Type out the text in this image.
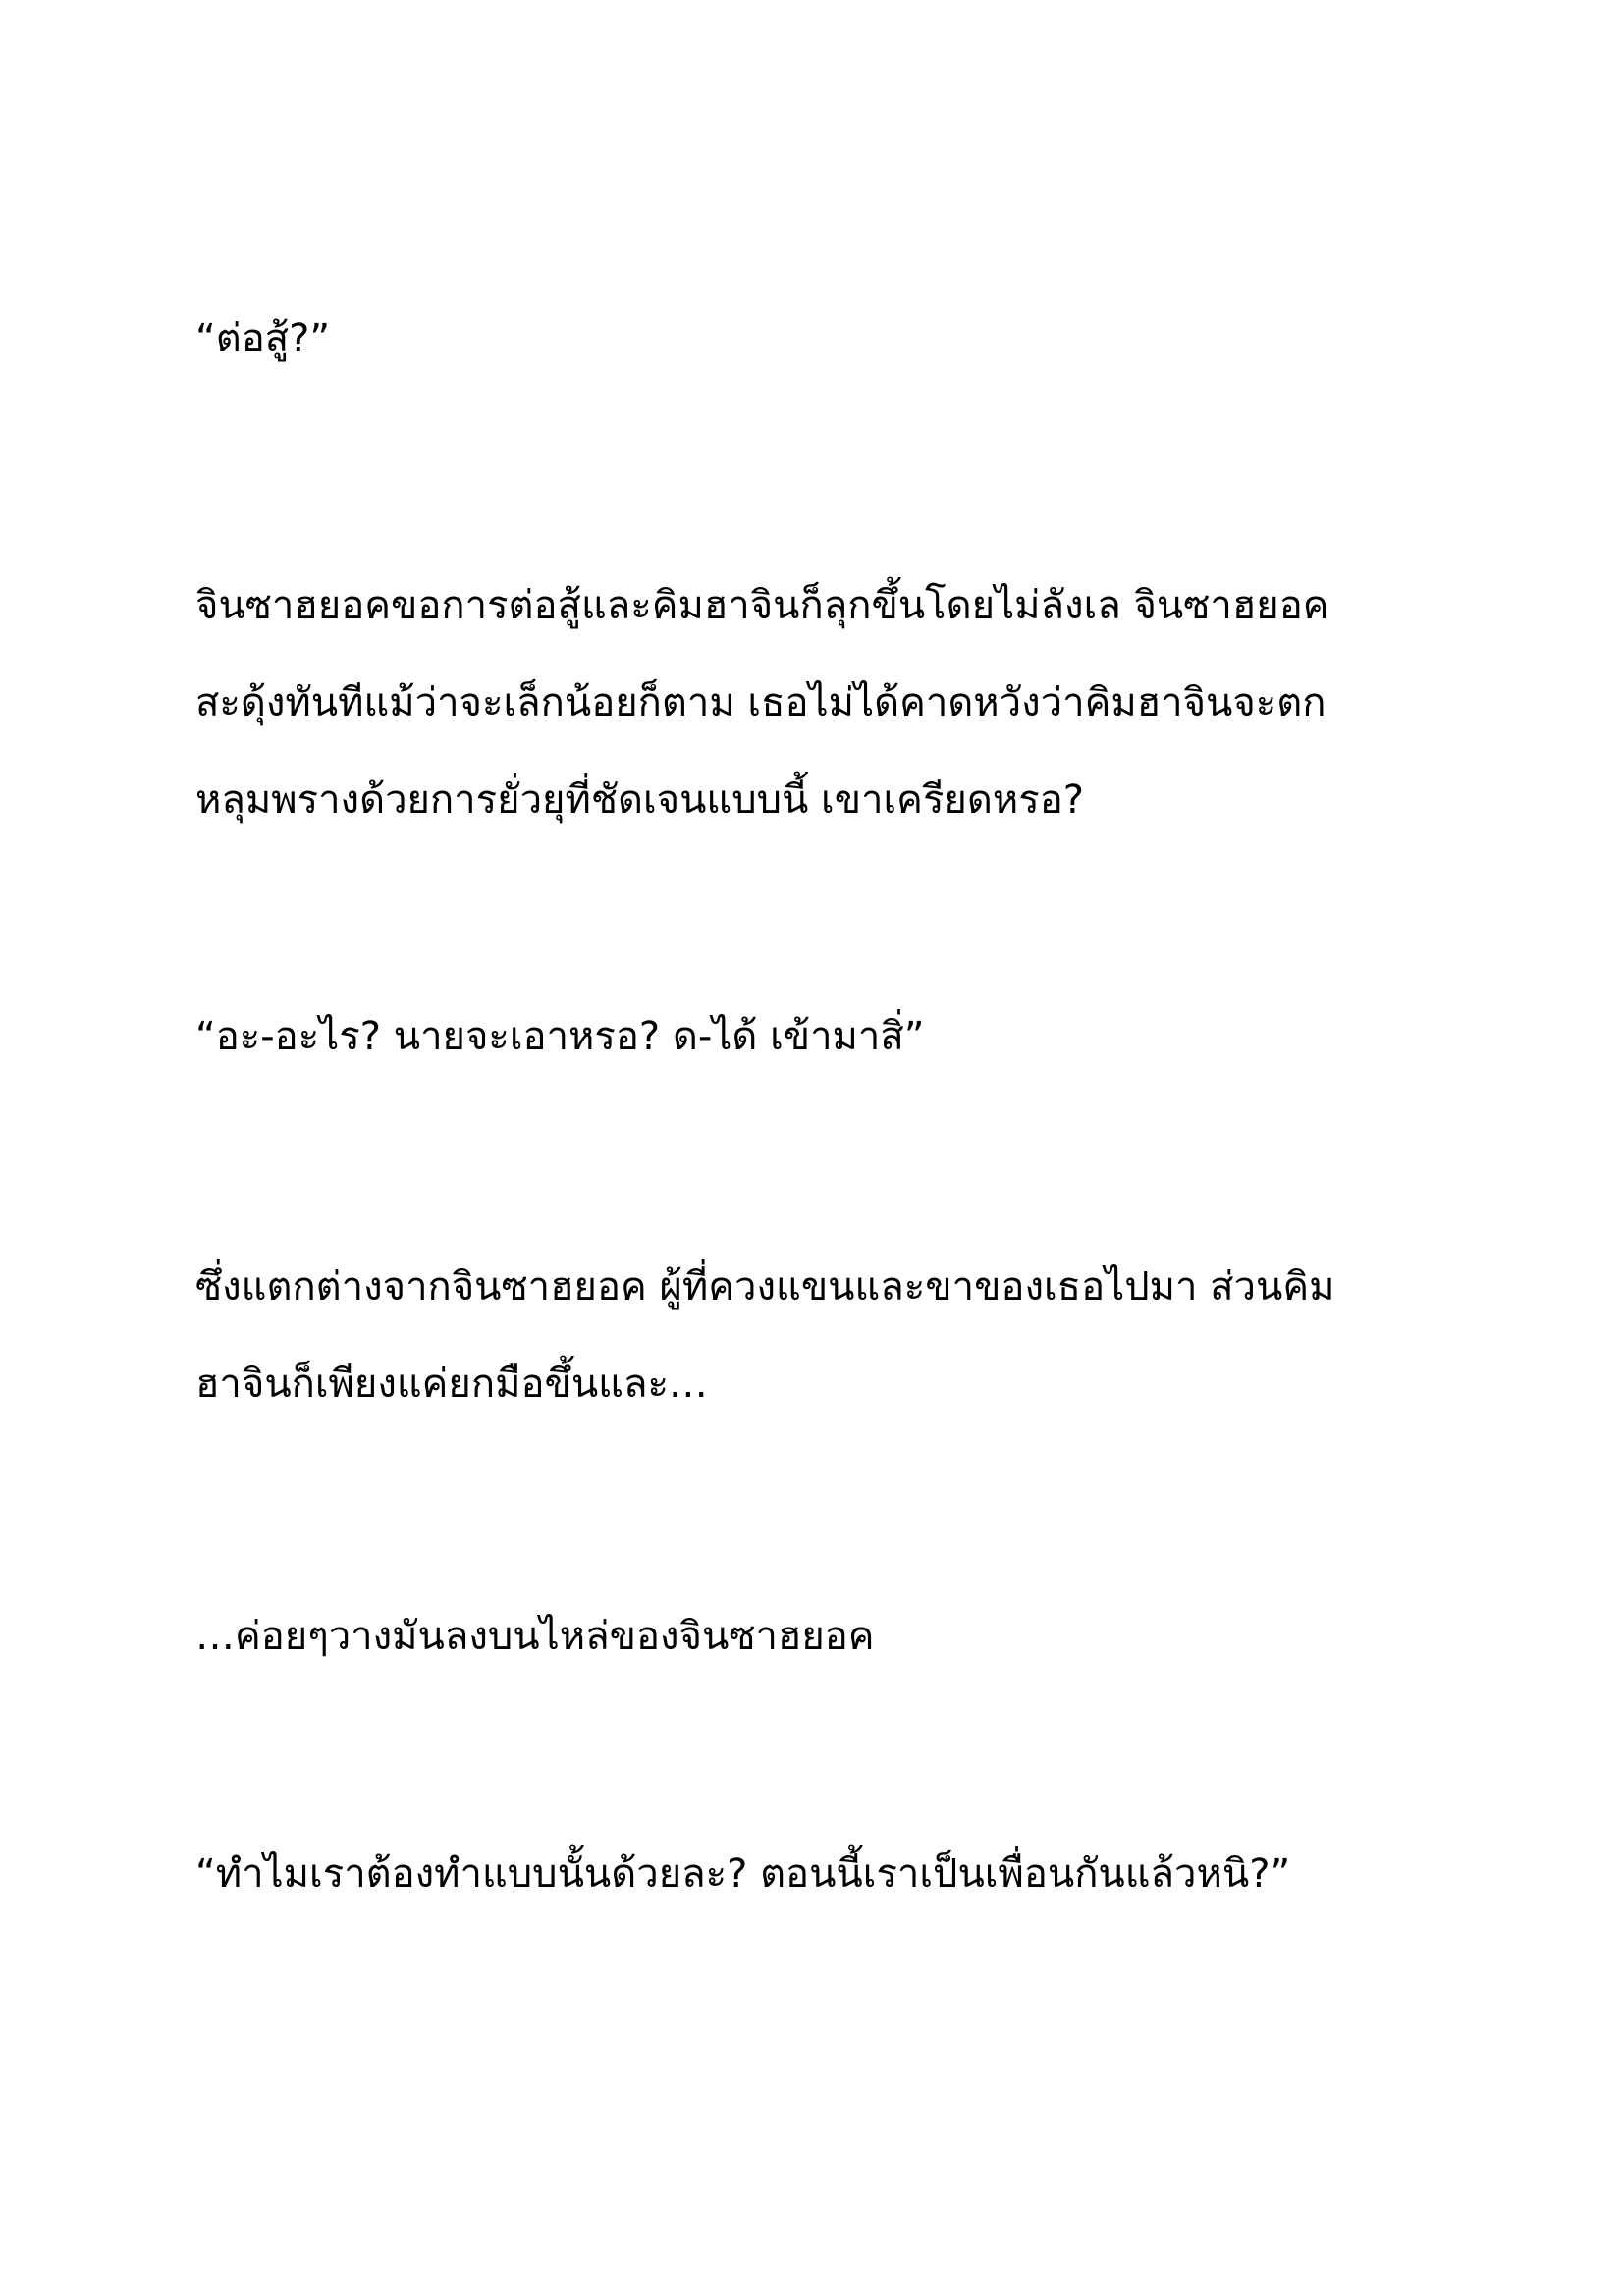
“ต่อสู้?”

จินซาฮยอคขอการต่อสู้และคิมฮาจินก็ลุกขึ้นโดยไม่ลังเล จินซาฮยอค
สะดุ้งทันทีแม้ว่าจะเล็กน้อยก็ตาม เธอไม่ได้คาดหวังว่าคิมฮาจินจะตก
หลุมพรางด้วยการยั่วยุที่ชัดเจนแบบนี้ เขาเครียดหรอ?

“อะ-อะไร? นายจะเอาหรอ? ด-ได้ เข้ามาสิ่”

ซึ่งแตกต่างจากจินซาฮยอค ผู้ที่ควงแขนและขาของเธอไปมา ส่วนคิม
ฮาจินก็เพียงแค่ยกมือขึ้นและ…

…ค่อยๆวางมันลงบนไหล่ของจินซาฮยอค

“ทำไมเราต้องทำแบบนั้นด้วยละ? ตอนนี้เราเป็นเพื่อนกันแล้วหนิ?”
